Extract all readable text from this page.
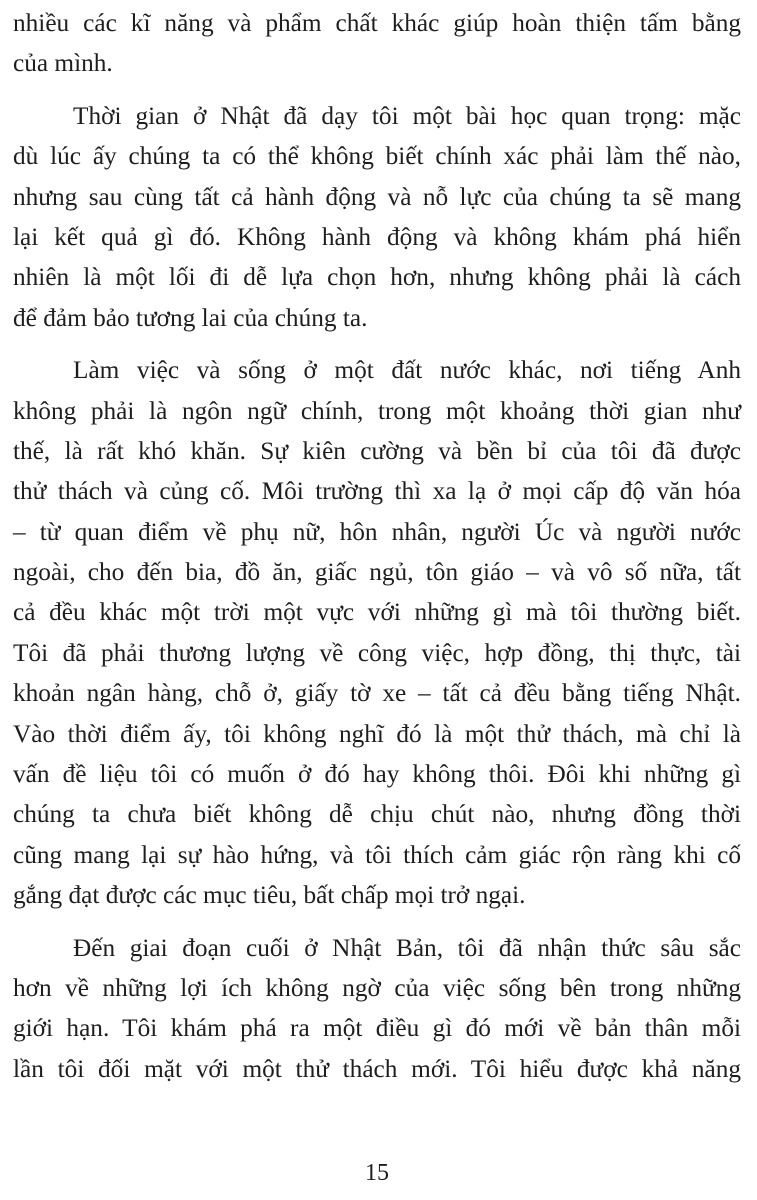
nhiều các kĩ năng và phẩm chất khác giúp hoàn thiện tấm bằng
của mình.

Thời gian ở Nhật đã dạy tôi một bài học quan trọng: mặc
dù lúc ấy chúng ta có thể không biết chính xác phải làm thế nào,
nhưng sau cùng tất cả hành động và nỗ lực của chúng ta sẽ mang
lại kết quả gì đó. Không hành động và không khám phá hiển
nhiên là một lối đi dễ lựa chọn hơn, nhưng không phải là cách
để đảm bảo tương lai của chúng ta.

Làm việc và sống ở một đất nước khác, nơi tiếng Anh
không phải là ngôn ngữ chính, trong một khoảng thời gian như
thế, là rất khó khăn. Sự kiên cường và bền bỉ của tôi đã được
thử thách và củng cố. Môi trường thì xa lạ ở mọi cấp độ văn hóa
– từ quan điểm về phụ nữ, hôn nhân, người Úc và người nước
ngoài, cho đến bia, đồ ăn, giấc ngủ, tôn giáo – và vô số nữa, tất
cả đều khác một trời một vực với những gì mà tôi thường biết.
Tôi đã phải thương lượng về công việc, hợp đồng, thị thực, tài
khoản ngân hàng, chỗ ở, giấy tờ xe – tất cả đều bằng tiếng Nhật.
Vào thời điểm ấy, tôi không nghĩ đó là một thử thách, mà chỉ là
vấn đề liệu tôi có muốn ở đó hay không thôi. Đôi khi những gì
chúng ta chưa biết không dễ chịu chút nào, nhưng đồng thời
cũng mang lại sự hào hứng, và tôi thích cảm giác rộn ràng khi cố
gắng đạt được các mục tiêu, bất chấp mọi trở ngại.

Đến giai đoạn cuối ở Nhật Bản, tôi đã nhận thức sâu sắc
hơn về những lợi ích không ngờ của việc sống bên trong những
giới hạn. Tôi khám phá ra một điều gì đó mới về bản thân mỗi
lần tôi đối mặt với một thử thách mới. Tôi hiểu được khả năng

15
